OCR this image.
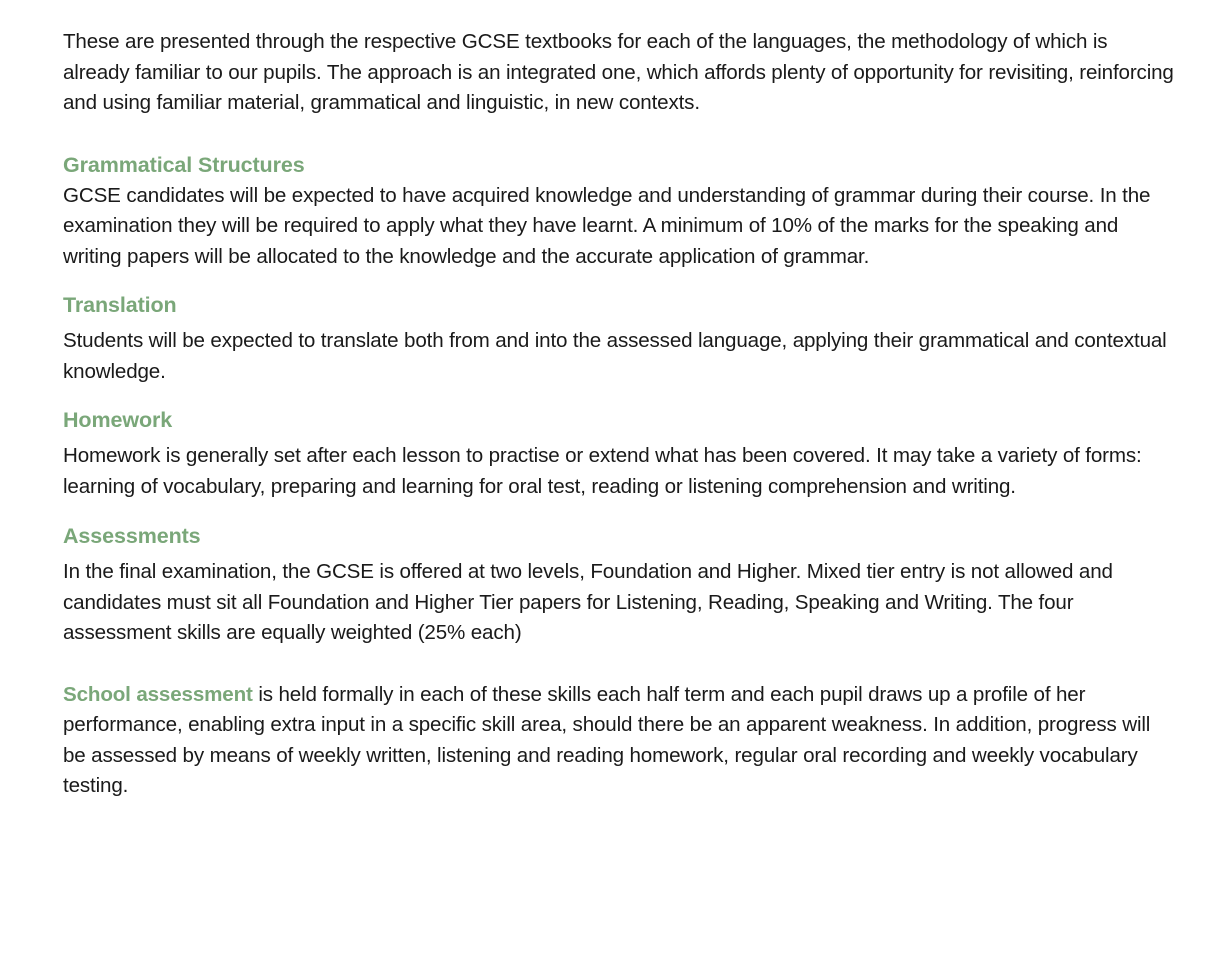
These are presented through the respective GCSE textbooks for each of the languages, the methodology of which is already familiar to our pupils. The approach is an integrated one, which affords plenty of opportunity for revisiting, reinforcing and using familiar material, grammatical and linguistic, in new contexts.

Grammatical Structures

GCSE candidates will be expected to have acquired knowledge and understanding of grammar during their course. In the examination they will be required to apply what they have learnt. A minimum of 10% of the marks for the speaking and writing papers will be allocated to the knowledge and the accurate application of grammar.

Translation

Students will be expected to translate both from and into the assessed language, applying their grammatical and contextual knowledge.

Homework

Homework is generally set after each lesson to practise or extend what has been covered. It may take a variety of forms: learning of vocabulary, preparing and learning for oral test, reading or listening comprehension and writing.

Assessments

In the final examination, the GCSE is offered at two levels, Foundation and Higher. Mixed tier entry is not allowed and candidates must sit all Foundation and Higher Tier papers for Listening, Reading, Speaking and Writing. The four assessment skills are equally weighted (25% each)

School assessment is held formally in each of these skills each half term and each pupil draws up a profile of her performance, enabling extra input in a specific skill area, should there be an apparent weakness. In addition, progress will be assessed by means of weekly written, listening and reading homework, regular oral recording and weekly vocabulary testing.
